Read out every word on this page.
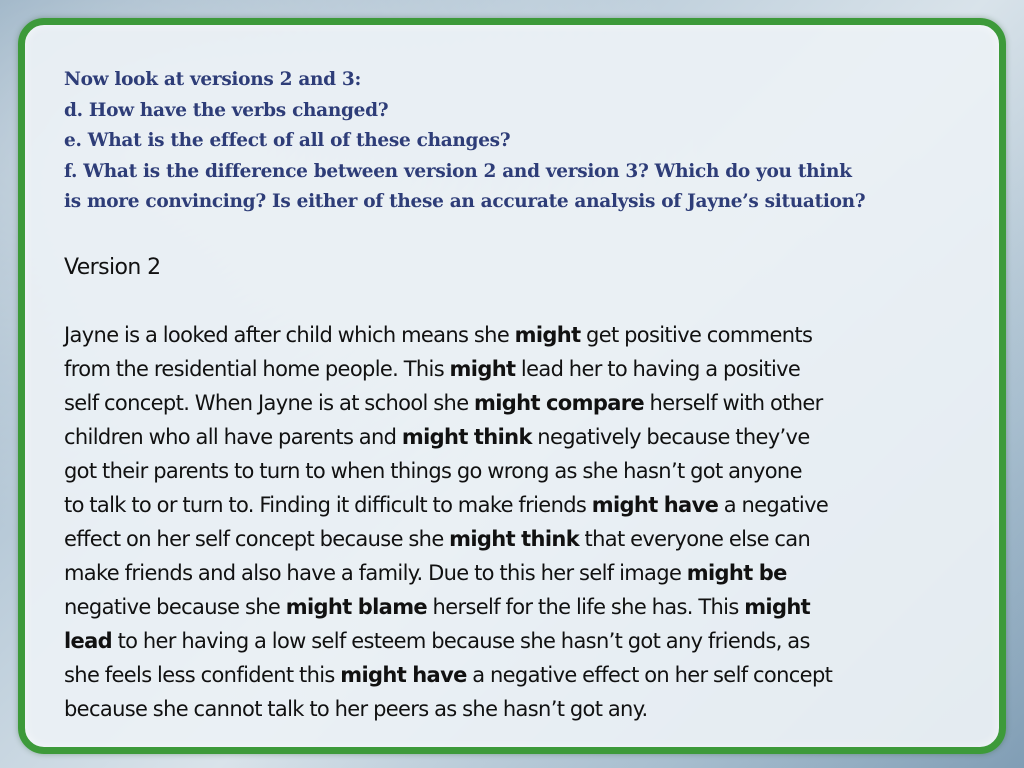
Now look at versions 2 and 3:
d. How have the verbs changed?
e. What is the effect of all of these changes?
f. What is the difference between version 2 and version 3? Which do you think
is more convincing? Is either of these an accurate analysis of Jayne’s situation?

Version 2

Jayne is a looked after child which means she might get positive comments
from the residential home people. This might lead her to having a positive
self concept. When Jayne is at school she might compare herself with other
children who all have parents and might think negatively because they’ve
got their parents to turn to when things go wrong as she hasn’t got anyone
to talk to or turn to. Finding it difficult to make friends might have a negative
effect on her self concept because she might think that everyone else can
make friends and also have a family. Due to this her self image might be
negative because she might blame herself for the life she has. This might
lead to her having a low self esteem because she hasn’t got any friends, as
she feels less confident this might have a negative effect on her self concept
because she cannot talk to her peers as she hasn’t got any.
